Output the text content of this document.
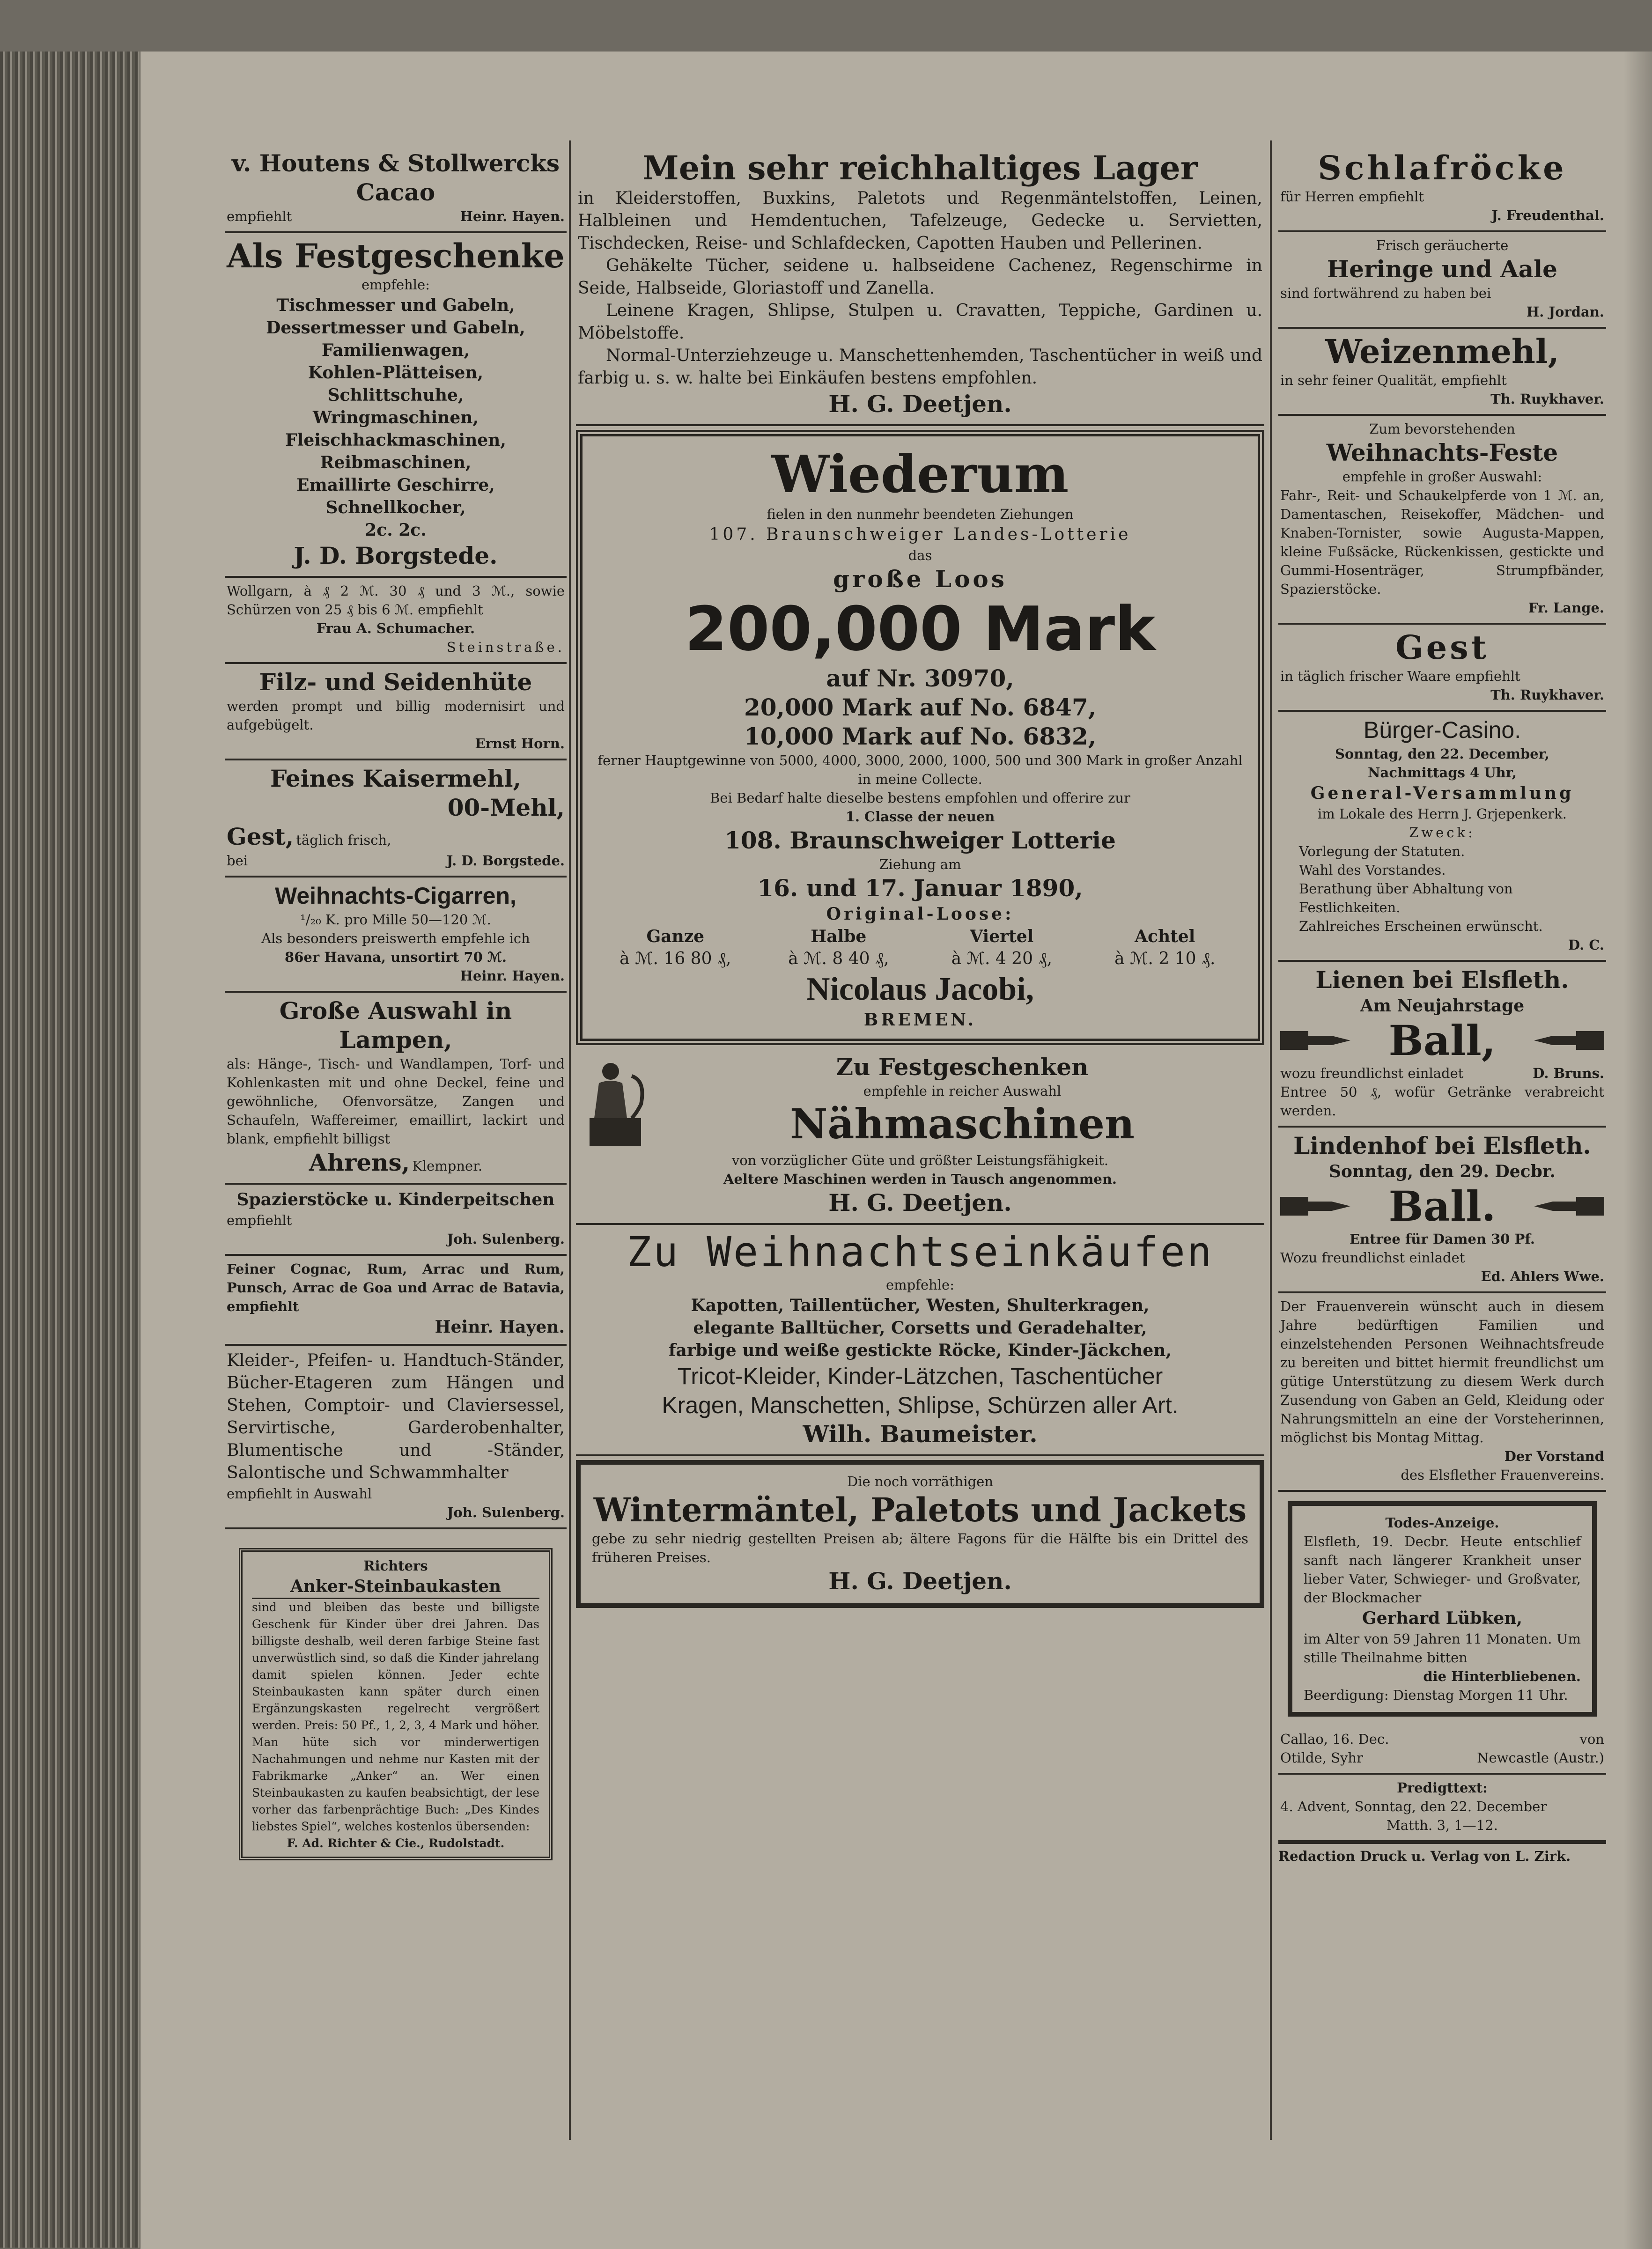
v. Houtens & Stollwercks
Cacao
empfiehlt	Heinr. Hayen.
Als Festgeschenke
empfehle:
Tischmesser und Gabeln,
Dessertmesser und Gabeln,
Familienwagen,
Kohlen-Plätteisen,
Schlittschuhe,
Wringmaschinen,
Fleischhackmaschinen,
Reibmaschinen,
Emaillirte Geschirre,
Schnellkocher,
2c. 2c.
J. D. Borgstede.
Wollgarn, à ₰ 2 ℳ. 30 ₰ und 3 ℳ., sowie Schürzen von 25 ₰ bis 6 ℳ. empfiehlt
Frau A. Schumacher.
Steinstraße.
Filz- und Seidenhüte
werden prompt und billig modernisirt und aufgebügelt.
Ernst Horn.
Feines Kaisermehl,
00-Mehl,
Gest, täglich frisch,
bei	J. D. Borgstede.
Weihnachts-Cigarren,
¹/₂₀ K. pro Mille 50—120 ℳ.
Als besonders preiswerth empfehle ich
86er Havana, unsortirt 70 ℳ.
Heinr. Hayen.
Große Auswahl in Lampen,
als: Hänge-, Tisch- und Wandlampen, Torf- und Kohlenkasten mit und ohne Deckel, feine und gewöhnliche, Ofenvorsätze, Zangen und Schaufeln, Waffereimer, emaillirt, lackirt und blank, empfiehlt billigst
Ahrens, Klempner.
Spazierstöcke u. Kinderpeitschen
empfiehlt
Joh. Sulenberg.
Feiner Cognac, Rum, Arrac und Rum, Punsch, Arrac de Goa und Arrac de Batavia, empfiehlt
Heinr. Hayen.
Kleider-, Pfeifen- u. Handtuch-Ständer, Bücher-Etageren zum Hängen und Stehen, Comptoir- und Claviersessel, Servirtische, Garderobenhalter, Blumentische und -Ständer, Salontische und Schwammhalter
empfiehlt in Auswahl
Joh. Sulenberg.
Richters
Anker-Steinbaukasten
sind und bleiben das beste und billigste Geschenk für Kinder über drei Jahren. Das billigste deshalb, weil deren farbige Steine fast unverwüstlich sind, so daß die Kinder jahrelang damit spielen können. Jeder echte Steinbaukasten kann später durch einen Ergänzungskasten regelrecht vergrößert werden. Preis: 50 Pf., 1, 2, 3, 4 Mark und höher. Man hüte sich vor minderwertigen Nachahmungen und nehme nur Kasten mit der Fabrikmarke „Anker“ an. Wer einen Steinbaukasten zu kaufen beabsichtigt, der lese vorher das farbenprächtige Buch: „Des Kindes liebstes Spiel“, welches kostenlos übersenden:
F. Ad. Richter & Cie., Rudolstadt.
Mein sehr reichhaltiges Lager
in Kleiderstoffen, Buxkins, Paletots und Regenmäntelstoffen, Leinen, Halbleinen und Hemdentuchen, Tafelzeuge, Gedecke u. Servietten, Tischdecken, Reise- und Schlafdecken, Capotten Hauben und Pellerinen.
Gehäkelte Tücher, seidene u. halbseidene Cachenez, Regenschirme in Seide, Halbseide, Gloriastoff und Zanella.
Leinene Kragen, Shlipse, Stulpen u. Cravatten, Teppiche, Gardinen u. Möbelstoffe.
Normal-Unterziehzeuge u. Manschettenhemden, Taschentücher in weiß und farbig u. s. w. halte bei Einkäufen bestens empfohlen.
H. G. Deetjen.
Wiederum
fielen in den nunmehr beendeten Ziehungen
107. Braunschweiger Landes-Lotterie
das
große Loos
200,000 Mark
auf Nr. 30970,
20,000 Mark auf No. 6847,
10,000 Mark auf No. 6832,
ferner Hauptgewinne von 5000, 4000, 3000, 2000, 1000, 500 und 300 Mark in großer Anzahl in meine Collecte.
Bei Bedarf halte dieselbe bestens empfohlen und offerire zur
1. Classe der neuen
108. Braunschweiger Lotterie
Ziehung am
16. und 17. Januar 1890,
Original-Loose:
Ganze
à ℳ. 16 80 ₰,
Halbe
à ℳ. 8 40 ₰,
Viertel
à ℳ. 4 20 ₰,
Achtel
à ℳ. 2 10 ₰.
Nicolaus Jacobi,
BREMEN.
Zu Festgeschenken
empfehle in reicher Auswahl
Nähmaschinen
von vorzüglicher Güte und größter Leistungsfähigkeit.
Aeltere Maschinen werden in Tausch angenommen.
H. G. Deetjen.
Zu Weihnachtseinkäufen
empfehle:
Kapotten, Taillentücher, Westen, Shulterkragen,
elegante Balltücher, Corsetts und Geradehalter,
farbige und weiße gestickte Röcke, Kinder-Jäckchen,
Tricot-Kleider, Kinder-Lätzchen, Taschentücher
Kragen, Manschetten, Shlipse, Schürzen aller Art.
Wilh. Baumeister.
Die noch vorräthigen
Wintermäntel, Paletots und Jackets
gebe zu sehr niedrig gestellten Preisen ab; ältere Fagons für die Hälfte bis ein Drittel des früheren Preises.
H. G. Deetjen.
Schlafröcke
für Herren empfiehlt
J. Freudenthal.
Frisch geräucherte
Heringe und Aale
sind fortwährend zu haben bei
H. Jordan.
Weizenmehl,
in sehr feiner Qualität, empfiehlt
Th. Ruykhaver.
Zum bevorstehenden
Weihnachts-Feste
empfehle in großer Auswahl:
Fahr-, Reit- und Schaukelpferde von 1 ℳ. an, Damentaschen, Reisekoffer, Mädchen- und Knaben-Tornister, sowie Augusta-Mappen, kleine Fußsäcke, Rückenkissen, gestickte und Gummi-Hosenträger, Strumpfbänder, Spazierstöcke.
Fr. Lange.
Gest
in täglich frischer Waare empfiehlt
Th. Ruykhaver.
Bürger-Casino.
Sonntag, den 22. December,
Nachmittags 4 Uhr,
General-Versammlung
im Lokale des Herrn J. Grjepenkerk.
Zweck:
Vorlegung der Statuten.
Wahl des Vorstandes.
Berathung über Abhaltung von Festlichkeiten.
Zahlreiches Erscheinen erwünscht.
D. C.
Lienen bei Elsfleth.
Am Neujahrstage
Ball,
wozu freundlichst einladet	D. Bruns.
Entree 50 ₰, wofür Getränke verabreicht werden.
Lindenhof bei Elsfleth.
Sonntag, den 29. Decbr.
Ball.
Entree für Damen 30 Pf.
Wozu freundlichst einladet
Ed. Ahlers Wwe.
Der Frauenverein wünscht auch in diesem Jahre bedürftigen Familien und einzelstehenden Personen Weihnachtsfreude zu bereiten und bittet hiermit freundlichst um gütige Unterstützung zu diesem Werk durch Zusendung von Gaben an Geld, Kleidung oder Nahrungsmitteln an eine der Vorsteherinnen, möglichst bis Montag Mittag.
Der Vorstand
des Elsflether Frauenvereins.
Todes-Anzeige.
Elsfleth, 19. Decbr. Heute entschlief sanft nach längerer Krankheit unser lieber Vater, Schwieger- und Großvater, der Blockmacher
Gerhard Lübken,
im Alter von 59 Jahren 11 Monaten. Um stille Theilnahme bitten
die Hinterbliebenen.
Beerdigung: Dienstag Morgen 11 Uhr.
Callao, 16. Dec.	von
Otilde, Syhr	Newcastle (Austr.)
Predigttext:
4. Advent, Sonntag, den 22. December
Matth. 3, 1—12.
Redaction Druck u. Verlag von L. Zirk.
